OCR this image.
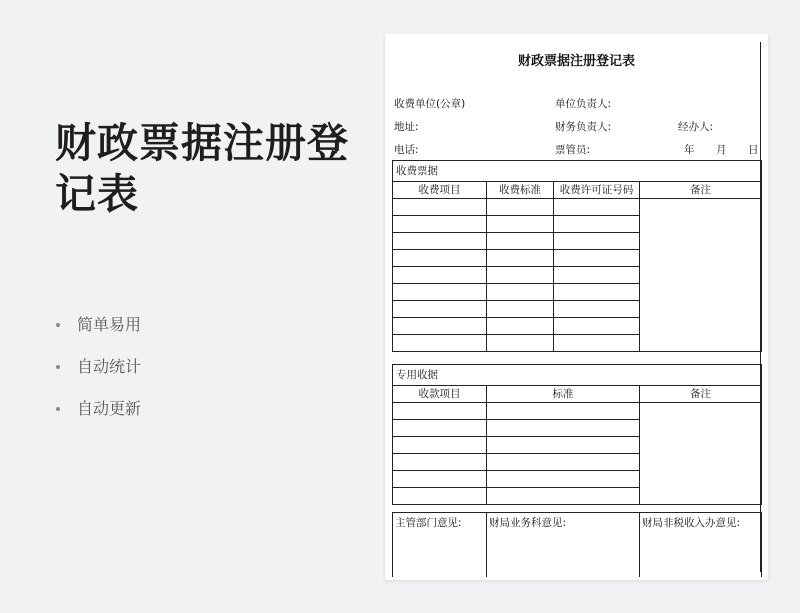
财政票据注册登记表
简单易用
自动统计
自动更新
财政票据注册登记表
收费单位(公章)	单位负责人:
地址:	财务负责人:	经办人:
电话:	票管员:	年 月 日
收费票据			
收费项目	收费标准	收费许可证号码	备注

专用收据		
收款项目	标准	备注

主管部门意见:	财局业务科意见:	财局非税收入办意见:
